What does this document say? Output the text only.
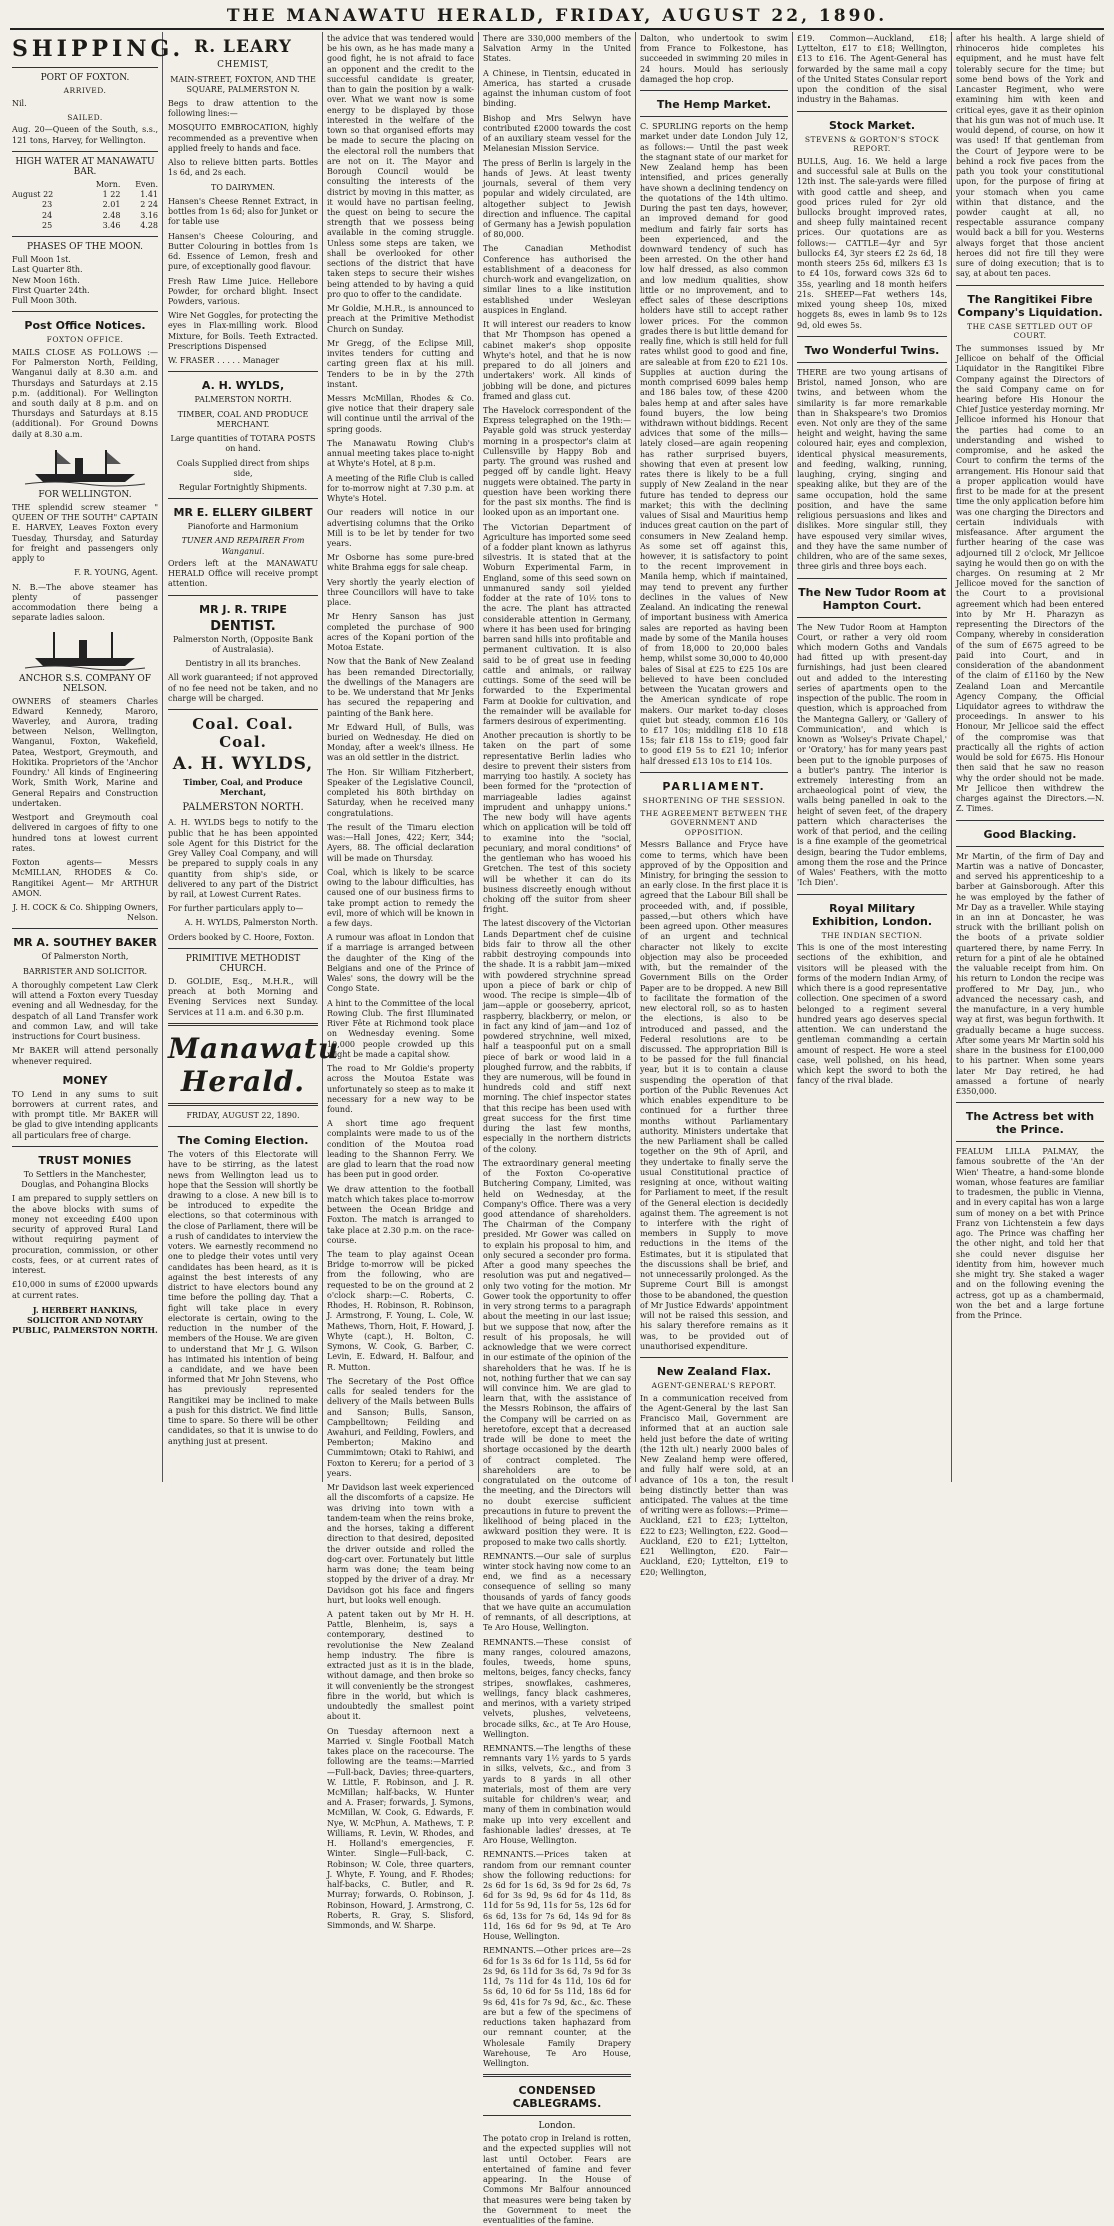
THE MANAWATU HERALD, FRIDAY, AUGUST 22, 1890.
SHIPPING.
PORT OF FOXTON.
ARRIVED.

Nil.

SAILED.

Aug. 20—Queen of the South, s.s., 121 tons, Harvey, for Wellington.

HIGH WATER AT MANAWATU BAR.
	Morn.	Even.
August 22	1 22	1.41
23	2.01	2 24
24	2.48	3.16
25	3.46	4.28
PHASES OF THE MOON.

Full Moon 1st.

Last Quarter 8th.

New Moon 16th.

First Quarter 24th.

Full Moon 30th.

Post Office Notices.
FOXTON OFFICE.

MAILS CLOSE AS FOLLOWS :— For Palmerston North, Feilding, Wanganui daily at 8.30 a.m. and Thursdays and Saturdays at 2.15 p.m. (additional). For Wellington and south daily at 8 p.m. and on Thursdays and Saturdays at 8.15 (additional). For Ground Downs daily at 8.30 a.m.

FOR WELLINGTON.

THE splendid screw steamer " QUEEN OF THE SOUTH" CAPTAIN E. HARVEY, Leaves Foxton every Tuesday, Thursday, and Saturday for freight and passengers only apply to

F. R. YOUNG, Agent.

N. B.—The above steamer has plenty of passenger accommodation there being a separate ladies saloon.

ANCHOR S.S. COMPANY OF NELSON.

OWNERS of steamers Charles Edward Kennedy, Maroro, Waverley, and Aurora, trading between Nelson, Wellington, Wanganui, Foxton, Wakefield, Patea, Westport, Greymouth, and Hokitika. Proprietors of the 'Anchor Foundry.' All kinds of Engineering Work, Smith Work, Marine and General Repairs and Construction undertaken.

Westport and Greymouth coal delivered in cargoes of fifty to one hundred tons at lowest current rates.

Foxton agents— Messrs McMILLAN, RHODES & Co. Rangitikei Agent— Mr ARTHUR AMON.

J. H. COCK & Co. Shipping Owners, Nelson.

MR A. SOUTHEY BAKER

Of Palmerston North,

BARRISTER AND SOLICITOR.

A thoroughly competent Law Clerk will attend a Foxton every Tuesday evening and all Wednesday, for the despatch of all Land Transfer work and common Law, and will take instructions for Court business.

Mr BAKER will attend personally whenever required.

MONEY

TO Lend in any sums to suit borrowers at current rates, and with prompt title. Mr BAKER will be glad to give intending applicants all particulars free of charge.

TRUST MONIES

To Settlers in the Manchester, Douglas, and Pohangina Blocks

I am prepared to supply settlers on the above blocks with sums of money not exceeding £400 upon security of approved Rural Land without requiring payment of procuration, commission, or other costs, fees, or at current rates of interest.

£10,000 in sums of £2000 upwards at current rates.

J. HERBERT HANKINS, SOLICITOR AND NOTARY PUBLIC, PALMERSTON NORTH.

R. LEARY
CHEMIST,

MAIN-STREET, FOXTON, AND THE SQUARE, PALMERSTON N.

Begs to draw attention to the following lines:—

MOSQUITO EMBROCATION, highly recommended as a preventive when applied freely to hands and face.

Also to relieve bitten parts. Bottles 1s 6d, and 2s each.

TO DAIRYMEN.

Hansen's Cheese Rennet Extract, in bottles from 1s 6d; also for Junket or for table use

Hansen's Cheese Colouring, and Butter Colouring in bottles from 1s 6d. Essence of Lemon, fresh and pure, of exceptionally good flavour.

Fresh Raw Lime Juice. Hellebore Powder, for orchard blight. Insect Powders, various.

Wire Net Goggles, for protecting the eyes in Flax-milling work. Blood Mixture, for Boils. Teeth Extracted. Prescriptions Dispensed

W. FRASER . . . . . Manager

A. H. WYLDS,

PALMERSTON NORTH.

TIMBER, COAL AND PRODUCE MERCHANT.

Large quantities of TOTARA POSTS on hand.

Coals Supplied direct from ships side,

Regular Fortnightly Shipments.

MR E. ELLERY GILBERT

Pianoforte and Harmonium

TUNER AND REPAIRER From Wanganui.

Orders left at the MANAWATU HERALD Office will receive prompt attention.

MR J. R. TRIPE
DENTIST.

Palmerston North, (Opposite Bank of Australasia).

Dentistry in all its branches.

All work guaranteed; if not approved of no fee need not be taken, and no charge will be charged.

Coal. Coal. Coal.
A. H. WYLDS,

Timber, Coal, and Produce Merchant,

PALMERSTON NORTH.

A. H. WYLDS begs to notify to the public that he has been appointed sole Agent for this District for the Grey Valley Coal Company, and will be prepared to supply coals in any quantity from ship's side, or delivered to any part of the District by rail, at Lowest Current Rates.

For further particulars apply to—

A. H. WYLDS, Palmerston North.

Orders booked by C. Hoore, Foxton.

PRIMITIVE METHODIST CHURCH.

D. GOLDIE, Esq., M.H.R., will preach at both Morning and Evening Services next Sunday. Services at 11 a.m. and 6.30 p.m.

Manawatu Herald.

FRIDAY, AUGUST 22, 1890.

The Coming Election.

The voters of this Electorate will have to be stirring, as the latest news from Wellington lead us to hope that the Session will shortly be drawing to a close. A new bill is to be introduced to expedite the elections, so that coterminous with the close of Parliament, there will be a rush of candidates to interview the voters. We earnestly recommend no one to pledge their votes until very candidates has been heard, as it is against the best interests of any district to have electors bound any time before the polling day. That a fight will take place in every electorate is certain, owing to the reduction in the number of the members of the House. We are given to understand that Mr J. G. Wilson has intimated his intention of being a candidate, and we have been informed that Mr John Stevens, who has previously represented Rangitikei may be inclined to make a push for this district. We find little time to spare. So there will be other candidates, so that it is unwise to do anything just at present.

the advice that was tendered would be his own, as he has made many a good fight, he is not afraid to face an opponent and the credit to the successful candidate is greater, than to gain the position by a walk-over. What we want now is some energy to be displayed by those interested in the welfare of the town so that organised efforts may be made to secure the placing on the electoral roll the numbers that are not on it. The Mayor and Borough Council would be consulting the interests of the district by moving in this matter, as it would have no partisan feeling, the quest on being to secure the strength that we possess being available in the coming struggle. Unless some steps are taken, we shall be overlooked for other sections of the district that have taken steps to secure their wishes being attended to by having a quid pro quo to offer to the candidate.

Mr Goldie, M.H.R., is announced to preach at the Primitive Methodist Church on Sunday.

Mr Gregg, of the Eclipse Mill, invites tenders for cutting and carting green flax at his mill. Tenders to be in by the 27th instant.

Messrs McMillan, Rhodes & Co. give notice that their drapery sale will continue until the arrival of the spring goods.

The Manawatu Rowing Club's annual meeting takes place to-night at Whyte's Hotel, at 8 p.m.

A meeting of the Rifle Club is called for to-morrow night at 7.30 p.m. at Whyte's Hotel.

Our readers will notice in our advertising columns that the Oriko Mill is to be let by tender for two years.

Mr Osborne has some pure-bred white Brahma eggs for sale cheap.

Very shortly the yearly election of three Councillors will have to take place.

Mr Henry Sanson has just completed the purchase of 900 acres of the Kopani portion of the Motoa Estate.

Now that the Bank of New Zealand has been remanded Directorially, the dwellings of the Managers are to be. We understand that Mr Jenks has secured the repapering and painting of the Bank here.

Mr Edward Hull, of Bulls, was buried on Wednesday. He died on Monday, after a week's illness. He was an old settler in the district.

The Hon. Sir William Fitzherbert, Speaker of the Legislative Council, completed his 80th birthday on Saturday, when he received many congratulations.

The result of the Timaru election was:—Hall Jones, 422; Kerr, 344; Ayers, 88. The official declaration will be made on Thursday.

Coal, which is likely to be scarce owing to the labour difficulties, has caused one of our business firms to take prompt action to remedy the evil, more of which will be known in a few days.

A rumour was afloat in London that if a marriage is arranged between the daughter of the King of the Belgians and one of the Prince of Wales' sons, the dowry will be the Congo State.

A hint to the Committee of the local Rowing Club. The first Illuminated River Fête at Richmond took place on Wednesday evening. Some 10,000 people crowded up this might be made a capital show.

The road to Mr Goldie's property across the Moutoa Estate was unfortunately so steep as to make it necessary for a new way to be found.

A short time ago frequent complaints were made to us of the condition of the Moutoa road leading to the Shannon Ferry. We are glad to learn that the road now has been put in good order.

We draw attention to the football match which takes place to-morrow between the Ocean Bridge and Foxton. The match is arranged to take place at 2.30 p.m. on the race-course.

The team to play against Ocean Bridge to-morrow will be picked from the following, who are requested to be on the ground at 2 o'clock sharp:—C. Roberts, C. Rhodes, H. Robinson, R. Robinson, J. Armstrong, F. Young, L. Cole, W. Mathews, Thorn, Hoit, F. Howard, J. Whyte (capt.), H. Bolton, C. Symons, W. Cook, G. Barber, C. Levin, E. Edward, H. Balfour, and R. Mutton.

The Secretary of the Post Office calls for sealed tenders for the delivery of the Mails between Bulls and Sanson; Bulls, Sanson, Campbelltown; Feilding and Awahuri, and Feilding, Fowlers, and Pemberton; Makino and Cummimtown; Otaki to Rahiwi, and Foxton to Kereru; for a period of 3 years.

Mr Davidson last week experienced all the discomforts of a capsize. He was driving into town with a tandem-team when the reins broke, and the horses, taking a different direction to that desired, deposited the driver outside and rolled the dog-cart over. Fortunately but little harm was done; the team being stopped by the driver of a dray. Mr Davidson got his face and fingers hurt, but looks well enough.

A patent taken out by Mr H. H. Pattle, Blenheim, is, says a contemporary, destined to revolutionise the New Zealand hemp industry. The fibre is extracted just as it is in the blade, without damage, and then broke so it will conveniently be the strongest fibre in the world, but which is undoubtedly the smallest point about it.

On Tuesday afternoon next a Married v. Single Football Match takes place on the racecourse. The following are the teams:—Married—Full-back, Davies; three-quarters, W. Little, F. Robinson, and J. R. McMillan; half-backs, W. Hunter and A. Fraser; forwards, J. Symons, McMillan, W. Cook, G. Edwards, F. Nye, W. McPhun, A. Mathews, T. P. Williams, R. Levin, W. Rhodes, and H. Holland's emergencies, F. Winter. Single—Full-back, C. Robinson; W. Cole, three quarters, J. Whyte, F. Young, and F. Rhodes; half-backs, C. Butler, and R. Murray; forwards, O. Robinson, J. Robinson, Howard, J. Armstrong, C. Roberts, R. Gray, S. Slisford, Simmonds, and W. Sharpe.

There are 330,000 members of the Salvation Army in the United States.

A Chinese, in Tientsin, educated in America, has started a crusade against the inhuman custom of foot binding.

Bishop and Mrs Selwyn have contributed £2000 towards the cost of an auxiliary steam vessel for the Melanesian Mission Service.

The press of Berlin is largely in the hands of Jews. At least twenty journals, several of them very popular and widely circulated, are altogether subject to Jewish direction and influence. The capital of Germany has a Jewish population of 80,000.

The Canadian Methodist Conference has authorised the establishment of a deaconess for church-work and evangelization, on similar lines to a like institution established under Wesleyan auspices in England.

It will interest our readers to know that Mr Thompson has opened a cabinet maker's shop opposite Whyte's hotel, and that he is now prepared to do all joiners and undertakers' work. All kinds of jobbing will be done, and pictures framed and glass cut.

The Havelock correspondent of the Express telegraphed on the 19th:—Payable gold was struck yesterday morning in a prospector's claim at Cullensville by Happy Bob and party. The ground was rushed and pegged off by candle light. Heavy nuggets were obtained. The party in question have been working there for the past six months. The find is looked upon as an important one.

The Victorian Department of Agriculture has imported some seed of a fodder plant known as lathyrus silvestris. It is stated that at the Woburn Experimental Farm, in England, some of this seed sown on unmanured sandy soil yielded fodder at the rate of 10½ tons to the acre. The plant has attracted considerable attention in Germany, where it has been used for bringing barren sand hills into profitable and permanent cultivation. It is also said to be of great use in feeding cattle and animals, or railway cuttings. Some of the seed will be forwarded to the Experimental Farm at Dookie for cultivation, and the remainder will be available for farmers desirous of experimenting.

Another precaution is shortly to be taken on the part of some representative Berlin ladies who desire to prevent their sisters from marrying too hastily. A society has been formed for the "protection of marriageable ladies against imprudent and unhappy unions." The new body will have agents which on application will be told off to examine into the "social, pecuniary, and moral conditions" of the gentleman who has wooed his Gretchen. The test of this society will be whether it can do its business discreetly enough without choking off the suitor from sheer fright.

The latest discovery of the Victorian Lands Department chef de cuisine bids fair to throw all the other rabbit destroying compounds into the shade. It is a rabbit jam—mixed with powdered strychnine spread upon a piece of bark or chip of wood. The recipe is simple—4lb of jam—apple or gooseberry, apricot, raspberry, blackberry, or melon, or in fact any kind of jam—and 1oz of powdered strychnine, well mixed, half a teaspoonful put on a small piece of bark or wood laid in a ploughed furrow, and the rabbits, if they are numerous, will be found in hundreds cold and stiff next morning. The chief inspector states that this recipe has been used with great success for the first time during the last few months, especially in the northern districts of the colony.

The extraordinary general meeting of the Foxton Co-operative Butchering Company, Limited, was held on Wednesday, at the Company's Office. There was a very good attendance of shareholders. The Chairman of the Company presided. Mr Gower was called on to explain his proposal to him, and only secured a seconder pro forma. After a good many speeches the resolution was put and negatived—only two voting for the motion. Mr Gower took the opportunity to offer in very strong terms to a paragraph about the meeting in our last issue; but we suppose that now, after the result of his proposals, he will acknowledge that we were correct in our estimate of the opinion of the shareholders that he was. If he is not, nothing further that we can say will convince him. We are glad to learn that, with the assistance of the Messrs Robinson, the affairs of the Company will be carried on as heretofore, except that a decreased trade will be done to meet the shortage occasioned by the dearth of contract completed. The shareholders are to be congratulated on the outcome of the meeting, and the Directors will no doubt exercise sufficient precautions in future to prevent the likelihood of being placed in the awkward position they were. It is proposed to make two calls shortly.

REMNANTS.—Our sale of surplus winter stock having now come to an end, we find as a necessary consequence of selling so many thousands of yards of fancy goods that we have quite an accumulation of remnants, of all descriptions, at Te Aro House, Wellington.

REMNANTS.—These consist of many ranges, coloured amazons, foules, tweeds, home spuns, meltons, beiges, fancy checks, fancy stripes, snowflakes, cashmeres, wellings, fancy black cashmeres, and merinos, with a variety striped velvets, plushes, velveteens, brocade silks, &c., at Te Aro House, Wellington.

REMNANTS.—The lengths of these remnants vary 1½ yards to 5 yards in silks, velvets, &c., and from 3 yards to 8 yards in all other materials, most of them are very suitable for children's wear, and many of them in combination would make up into very excellent and fashionable ladies' dresses, at Te Aro House, Wellington.

REMNANTS.—Prices taken at random from our remnant counter show the following reductions: for 2s 6d for 1s 6d, 3s 9d for 2s 6d, 7s 6d for 3s 9d, 9s 6d for 4s 11d, 8s 11d for 5s 9d, 11s for 5s, 12s 6d for 6s 6d, 13s for 7s 6d, 14s 9d for 8s 11d, 16s 6d for 9s 9d, at Te Aro House, Wellington.

REMNANTS.—Other prices are—2s 6d for 1s 3s 6d for 1s 11d, 5s 6d for 2s 9d, 6s 11d for 3s 6d, 7s 9d for 3s 11d, 7s 11d for 4s 11d, 10s 6d for 5s 6d, 10 6d for 5s 11d, 18s 6d for 9s 6d, 41s for 7s 9d, &c., &c. These are but a few of the specimens of reductions taken haphazard from our remnant counter, at the Wholesale Family Drapery Warehouse, Te Aro House, Wellington.

CONDENSED CABLEGRAMS.
London.

The potato crop in Ireland is rotten, and the expected supplies will not last until October. Fears are entertained of famine and fever appearing. In the House of Commons Mr Balfour announced that measures were being taken by the Government to meet the eventualities of the famine.

Dalton, who undertook to swim from France to Folkestone, has succeeded in swimming 20 miles in 24 hours. Mould has seriously damaged the hop crop.

The Hemp Market.

C. SPURLING reports on the hemp market under date London July 12, as follows:— Until the past week the stagnant state of our market for New Zealand hemp has been intensified, and prices generally have shown a declining tendency on the quotations of the 14th ultimo. During the past ten days, however, an improved demand for good medium and fairly fair sorts has been experienced, and the downward tendency of such has been arrested. On the other hand low half dressed, as also common and low medium qualities, show little or no improvement, and to effect sales of these descriptions holders have still to accept rather lower prices. For the common grades there is but little demand for really fine, which is still held for full rates whilst good to good and fine, are saleable at from £20 to £21 10s. Supplies at auction during the month comprised 6099 bales hemp and 186 bales tow, of these 4200 bales hemp at and after sales have found buyers, the low being withdrawn without biddings. Recent advices that some of the mills—lately closed—are again reopening has rather surprised buyers, showing that even at present low rates there is likely to be a full supply of New Zealand in the near future has tended to depress our market; this with the declining values of Sisal and Mauritius hemp induces great caution on the part of consumers in New Zealand hemp. As some set off against this, however, it is satisfactory to point to the recent improvement in Manila hemp, which if maintained, may tend to prevent any further declines in the values of New Zealand. An indicating the renewal of important business with America sales are reported as having been made by some of the Manila houses of from 18,000 to 20,000 bales hemp, whilst some 30,000 to 40,000 bales of Sisal at £25 to £25 10s are believed to have been concluded between the Yucatan growers and the American syndicate of rope makers. Our market to-day closes quiet but steady, common £16 10s to £17 10s; middling £18 10 £18 15s; fair £18 15s to £19; good fair to good £19 5s to £21 10; inferior half dressed £13 10s to £14 10s.

PARLIAMENT.
SHORTENING OF THE SESSION.
THE AGREEMENT BETWEEN THE GOVERNMENT AND OPPOSITION.

Messrs Ballance and Fryce have come to terms, which have been approved of by the Opposition and Ministry, for bringing the session to an early close. In the first place it is agreed that the Labour Bill shall be proceeded with, and, if possible, passed,—but others which have been agreed upon. Other measures of an urgent and technical character not likely to excite objection may also be proceeded with, but the remainder of the Government Bills on the Order Paper are to be dropped. A new Bill to facilitate the formation of the new electoral roll, so as to hasten the elections, is also to be introduced and passed, and the Federal resolutions are to be discussed. The appropriation Bill is to be passed for the full financial year, but it is to contain a clause suspending the operation of that portion of the Public Revenues Act which enables expenditure to be continued for a further three months without Parliamentary authority. Ministers undertake that the new Parliament shall be called together on the 9th of April, and they undertake to finally serve the usual Constitutional practice of resigning at once, without waiting for Parliament to meet, if the result of the General election is decidedly against them. The agreement is not to interfere with the right of members in Supply to move reductions in the items of the Estimates, but it is stipulated that the discussions shall be brief, and not unnecessarily prolonged. As the Supreme Court Bill is amongst those to be abandoned, the question of Mr Justice Edwards' appointment will not be raised this session, and his salary therefore remains as it was, to be provided out of unauthorised expenditure.

New Zealand Flax.
AGENT-GENERAL'S REPORT.

In a communication received from the Agent-General by the last San Francisco Mail, Government are informed that at an auction sale held just before the date of writing (the 12th ult.) nearly 2000 bales of New Zealand hemp were offered, and fully half were sold, at an advance of 10s a ton, the result being distinctly better than was anticipated. The values at the time of writing were as follows:—Prime—Auckland, £21 to £23; Lyttelton, £22 to £23; Wellington, £22. Good—Auckland, £20 to £21; Lyttelton, £21 Wellington, £20. Fair—Auckland, £20; Lyttelton, £19 to £20; Wellington,

£19. Common—Auckland, £18; Lyttelton, £17 to £18; Wellington, £13 to £16. The Agent-General has forwarded by the same mail a copy of the United States Consular report upon the condition of the sisal industry in the Bahamas.

Stock Market.
STEVENS & GORTON'S STOCK REPORT.

BULLS, Aug. 16. We held a large and successful sale at Bulls on the 12th inst. The sale-yards were filled with good cattle and sheep, and good prices ruled for 2yr old bullocks brought improved rates, and sheep fully maintained recent prices. Our quotations are as follows:— CATTLE—4yr and 5yr bullocks £4, 3yr steers £2 2s 6d, 18 month steers 25s 6d, milkers £3 1s to £4 10s, forward cows 32s 6d to 35s, yearling and 18 month heifers 21s. SHEEP—Fat wethers 14s, mixed young sheep 10s, mixed hoggets 8s, ewes in lamb 9s to 12s 9d, old ewes 5s.

Two Wonderful Twins.

THERE are two young artisans of Bristol, named Jonson, who are twins, and between whom the similarity is far more remarkable than in Shakspeare's two Dromios even. Not only are they of the same height and weight, having the same coloured hair, eyes and complexion, identical physical measurements, and feeding, walking, running, laughing, crying, singing and speaking alike, but they are of the same occupation, hold the same position, and have the same religious persuasions and likes and dislikes. More singular still, they have espoused very similar wives, and they have the same number of children, who are of the same sexes, three girls and three boys each.

The New Tudor Room at Hampton Court.

The New Tudor Room at Hampton Court, or rather a very old room which modern Goths and Vandals had fitted up with present-day furnishings, had just been cleared out and added to the interesting series of apartments open to the inspection of the public. The room in question, which is approached from the Mantegna Gallery, or 'Gallery of Communication', and which is known as 'Wolsey's Private Chapel,' or 'Oratory,' has for many years past been put to the ignoble purposes of a butler's pantry. The interior is extremely interesting from an archaeological point of view, the walls being panelled in oak to the height of seven feet, of the drapery pattern which characterises the work of that period, and the ceiling is a fine example of the geometrical design, bearing the Tudor emblems, among them the rose and the Prince of Wales' Feathers, with the motto 'Ich Dien'.

Royal Military Exhibition, London.
THE INDIAN SECTION.

This is one of the most interesting sections of the exhibition, and visitors will be pleased with the forms of the modern Indian Army, of which there is a good representative collection. One specimen of a sword belonged to a regiment several hundred years ago deserves special attention. We can understand the gentleman commanding a certain amount of respect. He wore a steel case, well polished, on his head, which kept the sword to both the fancy of the rival blade.

after his health. A large shield of rhinoceros hide completes his equipment, and he must have felt tolerably secure for the time; but some bend bows of the York and Lancaster Regiment, who were examining him with keen and critical eyes, gave it as their opinion that his gun was not of much use. It would depend, of course, on how it was used! If that gentleman from the Court of Jeypore were to be behind a rock five paces from the path you took your constitutional upon, for the purpose of firing at your stomach when you came within that distance, and the powder caught at all, no respectable assurance company would back a bill for you. Westerns always forget that those ancient heroes did not fire till they were sure of doing execution; that is to say, at about ten paces.

The Rangitikei Fibre Company's Liquidation.
THE CASE SETTLED OUT OF COURT.

The summonses issued by Mr Jellicoe on behalf of the Official Liquidator in the Rangitikei Fibre Company against the Directors of the said Company came on for hearing before His Honour the Chief Justice yesterday morning. Mr Jellicoe informed his Honour that the parties had come to an understanding and wished to compromise, and he asked the Court to confirm the terms of the arrangement. His Honour said that a proper application would have first to be made for at the present time the only application before him was one charging the Directors and certain individuals with misfeasance. After argument the further hearing of the case was adjourned till 2 o'clock, Mr Jellicoe saying he would then go on with the charges. On resuming at 2 Mr Jellicoe moved for the sanction of the Court to a provisional agreement which had been entered into by Mr H. Pharazyn as representing the Directors of the Company, whereby in consideration of the sum of £675 agreed to be paid into Court, and in consideration of the abandonment of the claim of £1160 by the New Zealand Loan and Mercantile Agency Company, the Official Liquidator agrees to withdraw the proceedings. In answer to his Honour, Mr Jellicoe said the effect of the compromise was that practically all the rights of action would be sold for £675. His Honour then said that he saw no reason why the order should not be made. Mr Jellicoe then withdrew the charges against the Directors.—N. Z. Times.

Good Blacking.

Mr Martin, of the firm of Day and Martin was a native of Doncaster, and served his apprenticeship to a barber at Gainsborough. After this he was employed by the father of Mr Day as a traveller. While staying in an inn at Doncaster, he was struck with the brilliant polish on the boots of a private soldier quartered there, by name Ferry. In return for a pint of ale he obtained the valuable receipt from him. On his return to London the recipe was proffered to Mr Day, jun., who advanced the necessary cash, and the manufacture, in a very humble way at first, was begun forthwith. It gradually became a huge success. After some years Mr Martin sold his share in the business for £100,000 to his partner. When some years later Mr Day retired, he had amassed a fortune of nearly £350,000.

The Actress bet with the Prince.

FEALUM LILLA PALMAY, the famous soubrette of the 'An der Wien' Theatre, a hand-some blonde woman, whose features are familiar to tradesmen, the public in Vienna, and in every capital has won a large sum of money on a bet with Prince Franz von Lichtenstein a few days ago. The Prince was chaffing her the other night, and told her that she could never disguise her identity from him, however much she might try. She staked a wager and on the following evening the actress, got up as a chambermaid, won the bet and a large fortune from the Prince.
